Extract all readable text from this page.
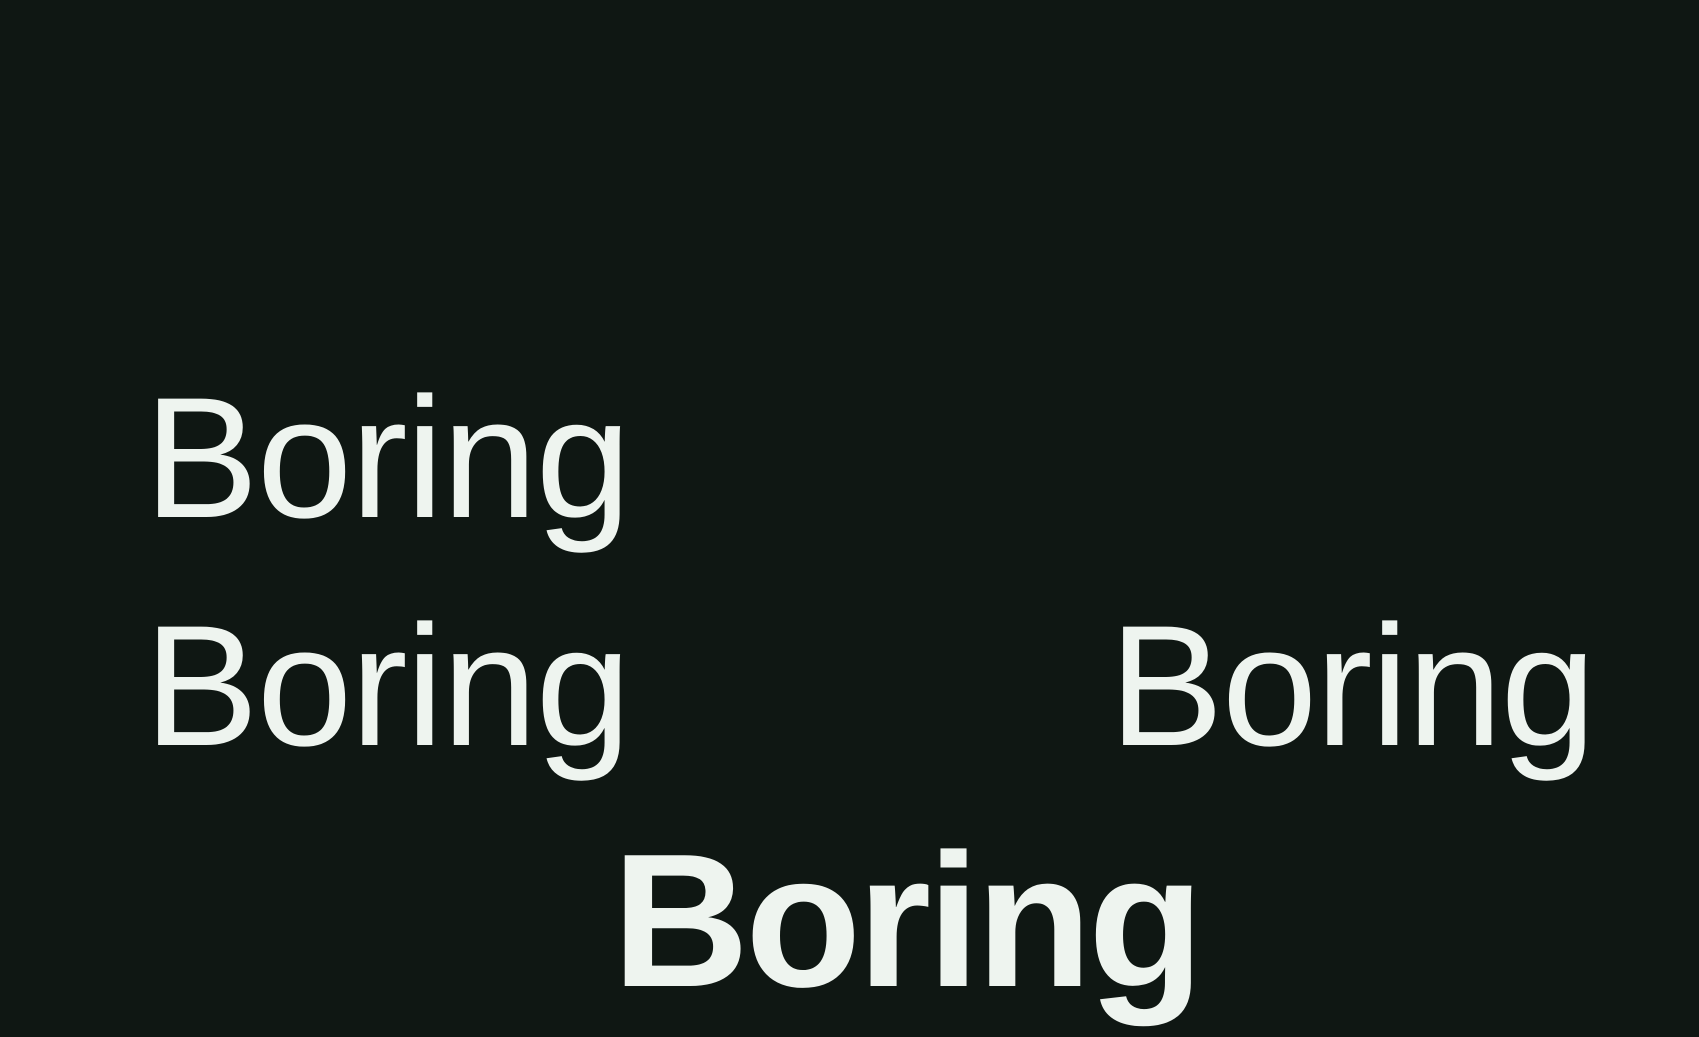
Boring
Boring	Boring
Boring
